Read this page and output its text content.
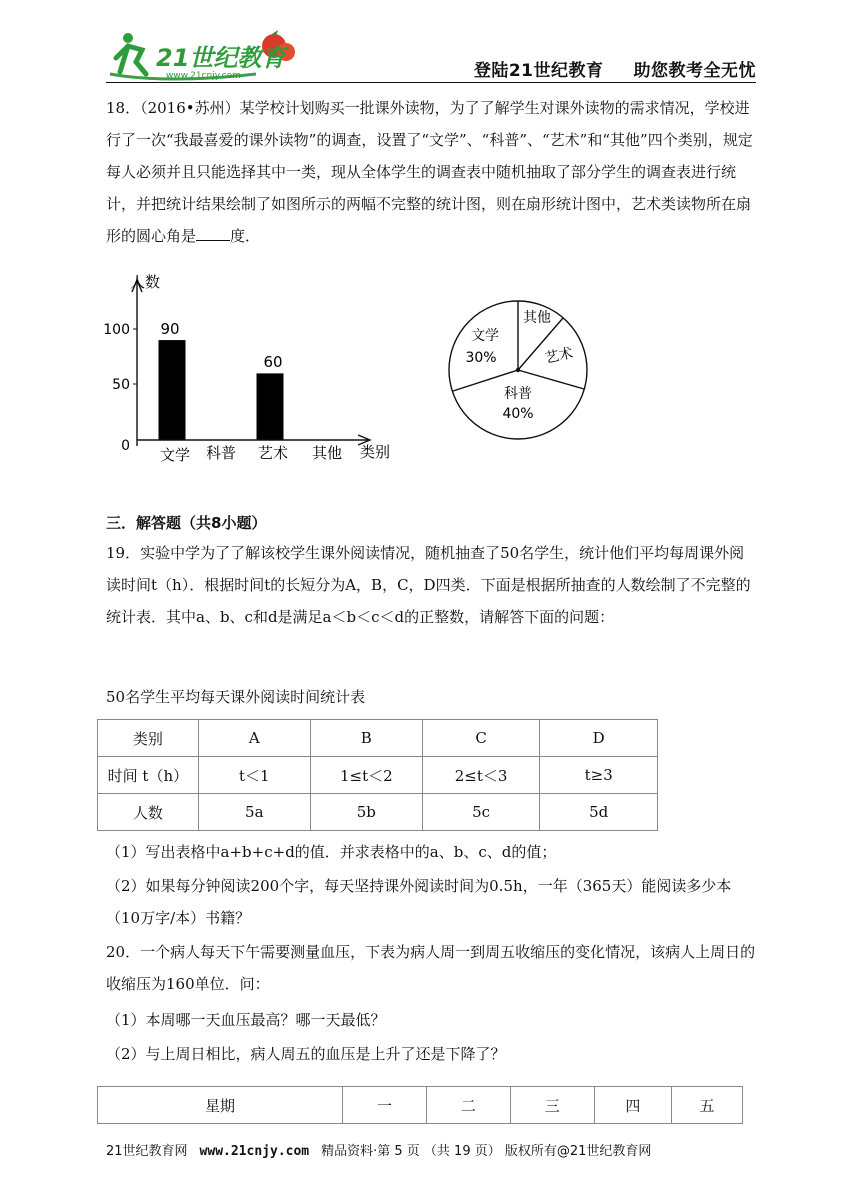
21世纪教育
www.21cnjy.com	登陆21世纪教育 助您教考全无忧
18．（2016•苏州）某学校计划购买一批课外读物，为了了解学生对课外读物的需求情况，学校进行了一次“我最喜爱的课外读物”的调查，设置了“文学”、“科普”、“艺术”和“其他”四个类别，规定每人必须并且只能选择其中一类，现从全体学生的调查表中随机抽取了部分学生的调查表进行统计，并把统计结果绘制了如图所示的两幅不完整的统计图，则在扇形统计图中，艺术类读物所在扇形的圆心角是 度．
人数
类别
0
50
100
文学 科普 艺术 其他
90
60
文学
30%
其他
艺术
科普
40%
三．解答题（共8小题）
19．实验中学为了了解该校学生课外阅读情况，随机抽查了50名学生，统计他们平均每周课外阅读时间t（h）．根据时间t的长短分为A，B，C，D四类．下面是根据所抽查的人数绘制了不完整的统计表．其中a、b、c和d是满足a＜b＜c＜d的正整数，请解答下面的问题：
50名学生平均每天课外阅读时间统计表
类别	A	B	C	D
时间 t（h）	t＜1	1≤t＜2	2≤t＜3	t≥3
人数	5a	5b	5c	5d
（1）写出表格中a+b+c+d的值．并求表格中的a、b、c、d的值；
（2）如果每分钟阅读200个字，每天坚持课外阅读时间为0.5h，一年（365天）能阅读多少本（10万字/本）书籍？
20．一个病人每天下午需要测量血压，下表为病人周一到周五收缩压的变化情况，该病人上周日的收缩压为160单位．问：
（1）本周哪一天血压最高？哪一天最低？
（2）与上周日相比，病人周五的血压是上升了还是下降了？
星期	一	二	三	四	五
21世纪教育网 www.21cnjy.com 精品资料·第 5 页 （共 19 页） 版权所有@21世纪教育网
